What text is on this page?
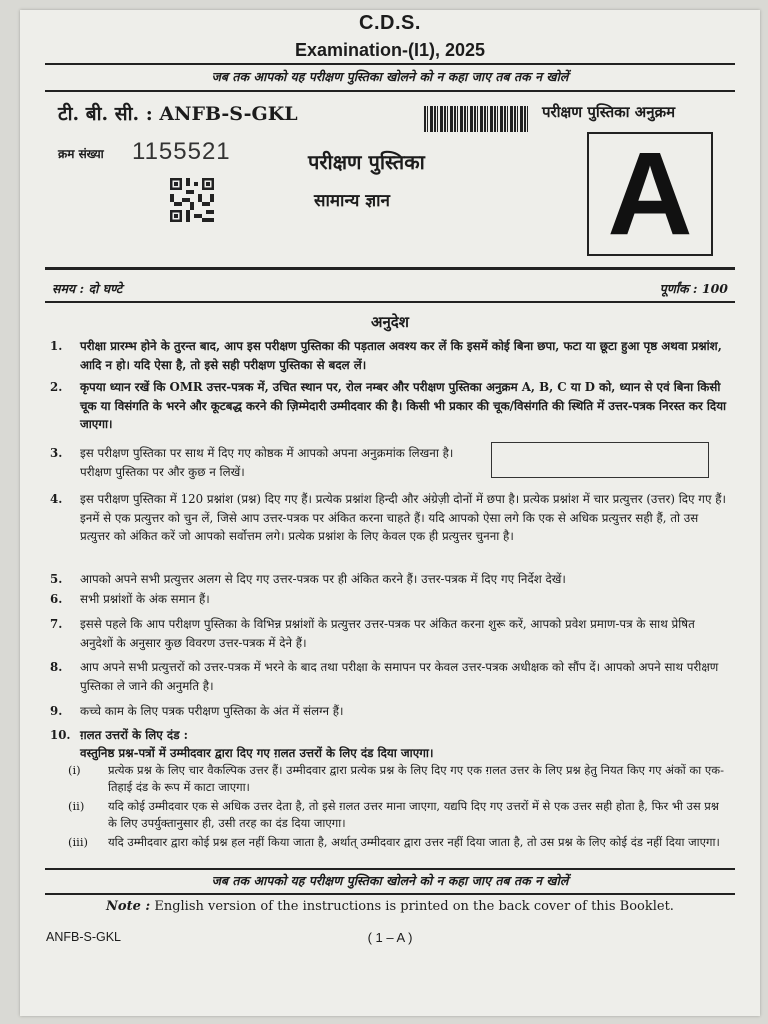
C.D.S.
Examination-(I1), 2025
जब तक आपको यह परीक्षण पुस्तिका खोलने को न कहा जाए तब तक न खोलें
टी. बी. सी. : ANFB-S-GKL	परीक्षण पुस्तिका अनुक्रम
क्रम संख्या 1155521	परीक्षण पुस्तिका
सामान्य ज्ञान A
समय : दो घण्टे	पूर्णांक : 100
अनुदेश
1. परीक्षा प्रारम्भ होने के तुरन्त बाद, आप इस परीक्षण पुस्तिका की पड़ताल अवश्य कर लें कि इसमें कोई बिना छपा, फटा या छूटा हुआ पृष्ठ अथवा प्रश्नांश, आदि न हो। यदि ऐसा है, तो इसे सही परीक्षण पुस्तिका से बदल लें।
2. कृपया ध्यान रखें कि OMR उत्तर-पत्रक में, उचित स्थान पर, रोल नम्बर और परीक्षण पुस्तिका अनुक्रम A, B, C या D को, ध्यान से एवं बिना किसी चूक या विसंगति के भरने और कूटबद्ध करने की ज़िम्मेदारी उम्मीदवार की है। किसी भी प्रकार की चूक/विसंगति की स्थिति में उत्तर-पत्रक निरस्त कर दिया जाएगा।
3. इस परीक्षण पुस्तिका पर साथ में दिए गए कोष्ठक में आपको अपना अनुक्रमांक लिखना है। परीक्षण पुस्तिका पर और कुछ न लिखें।
4. इस परीक्षण पुस्तिका में 120 प्रश्नांश (प्रश्न) दिए गए हैं। प्रत्येक प्रश्नांश हिन्दी और अंग्रेज़ी दोनों में छपा है। प्रत्येक प्रश्नांश में चार प्रत्युत्तर (उत्तर) दिए गए हैं। इनमें से एक प्रत्युत्तर को चुन लें, जिसे आप उत्तर-पत्रक पर अंकित करना चाहते हैं। यदि आपको ऐसा लगे कि एक से अधिक प्रत्युत्तर सही हैं, तो उस प्रत्युत्तर को अंकित करें जो आपको सर्वोत्तम लगे। प्रत्येक प्रश्नांश के लिए केवल एक ही प्रत्युत्तर चुनना है।
5. आपको अपने सभी प्रत्युत्तर अलग से दिए गए उत्तर-पत्रक पर ही अंकित करने हैं। उत्तर-पत्रक में दिए गए निर्देश देखें।
6. सभी प्रश्नांशों के अंक समान हैं।
7. इससे पहले कि आप परीक्षण पुस्तिका के विभिन्न प्रश्नांशों के प्रत्युत्तर उत्तर-पत्रक पर अंकित करना शुरू करें, आपको प्रवेश प्रमाण-पत्र के साथ प्रेषित अनुदेशों के अनुसार कुछ विवरण उत्तर-पत्रक में देने हैं।
8. आप अपने सभी प्रत्युत्तरों को उत्तर-पत्रक में भरने के बाद तथा परीक्षा के समापन पर केवल उत्तर-पत्रक अधीक्षक को सौंप दें। आपको अपने साथ परीक्षण पुस्तिका ले जाने की अनुमति है।
9. कच्चे काम के लिए पत्रक परीक्षण पुस्तिका के अंत में संलग्न हैं।
10. ग़लत उत्तरों के लिए दंड :
वस्तुनिष्ठ प्रश्न-पत्रों में उम्मीदवार द्वारा दिए गए ग़लत उत्तरों के लिए दंड दिया जाएगा।
(i) प्रत्येक प्रश्न के लिए चार वैकल्पिक उत्तर हैं। उम्मीदवार द्वारा प्रत्येक प्रश्न के लिए दिए गए एक ग़लत उत्तर के लिए प्रश्न हेतु नियत किए गए अंकों का एक-तिहाई दंड के रूप में काटा जाएगा।
(ii) यदि कोई उम्मीदवार एक से अधिक उत्तर देता है, तो इसे ग़लत उत्तर माना जाएगा, यद्यपि दिए गए उत्तरों में से एक उत्तर सही होता है, फिर भी उस प्रश्न के लिए उपर्युक्तानुसार ही, उसी तरह का दंड दिया जाएगा।
(iii) यदि उम्मीदवार द्वारा कोई प्रश्न हल नहीं किया जाता है, अर्थात् उम्मीदवार द्वारा उत्तर नहीं दिया जाता है, तो उस प्रश्न के लिए कोई दंड नहीं दिया जाएगा।
जब तक आपको यह परीक्षण पुस्तिका खोलने को न कहा जाए तब तक न खोलें
Note : English version of the instructions is printed on the back cover of this Booklet.
ANFB-S-GKL	( 1 – A )
